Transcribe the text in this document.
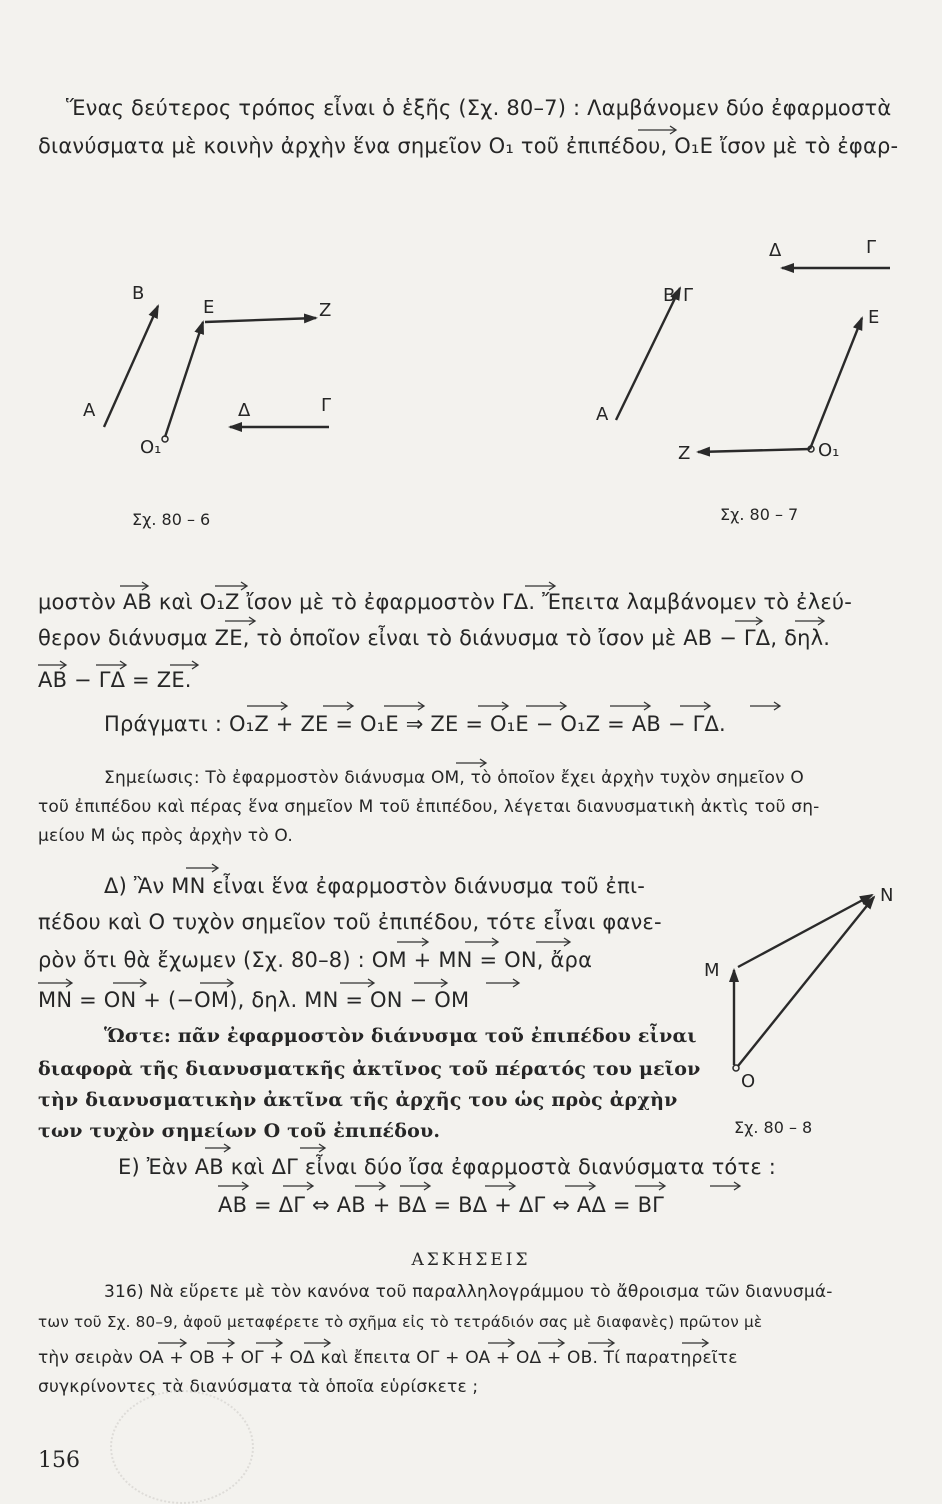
B
A
E	Z
Δ	Γ
O₁
Σχ. 80 – 6
Δ	Γ
B Γ
E
A
Z	O₁
Σχ. 80 – 7
N
M
O
Σχ. 80 – 8
Ἕνας δεύτερος τρόπος εἶναι ὁ ἑξῆς (Σχ. 80–7) : Λαμβάνομεν δύο ἐφαρμοστὰ
διανύσματα μὲ κοινὴν ἀρχὴν ἕνα σημεῖον O₁ τοῦ ἐπιπέδου, O₁E ἴσον μὲ τὸ ἐφαρ-
μοστὸν AB καὶ O₁Z ἴσον μὲ τὸ ἐφαρμοστὸν ΓΔ. Ἔπειτα λαμβάνομεν τὸ ἐλεύ-
θερον διάνυσμα ZE, τὸ ὁποῖον εἶναι τὸ διάνυσμα τὸ ἴσον μὲ AB − ΓΔ, δηλ.
AB − ΓΔ = ZE.
Πράγματι : O₁Z + ZE = O₁E ⇒ ZE = O₁E − O₁Z = AB − ΓΔ.
Σημείωσις: Τὸ ἐφαρμοστὸν διάνυσμα OM, τὸ ὁποῖον ἔχει ἀρχὴν τυχὸν σημεῖον O
τοῦ ἐπιπέδου καὶ πέρας ἕνα σημεῖον M τοῦ ἐπιπέδου, λέγεται διανυσματικὴ ἀκτὶς τοῦ ση-
μείου M ὡς πρὸς ἀρχὴν τὸ O.
Δ) Ἂν MN εἶναι ἕνα ἐφαρμοστὸν διάνυσμα τοῦ ἐπι-
πέδου καὶ O τυχὸν σημεῖον τοῦ ἐπιπέδου, τότε εἶναι φανε-
ρὸν ὅτι θὰ ἔχωμεν (Σχ. 80–8) : OM + MN = ON, ἄρα
MN = ON + (−OM), δηλ. MN = ON − OM
Ὥστε: πᾶν ἐφαρμοστὸν διάνυσμα τοῦ ἐπιπέδου εἶναι
διαφορὰ τῆς διανυσματκῆς ἀκτῖνος τοῦ πέρατός του μεῖον
τὴν διανυσματικὴν ἀκτῖνα τῆς ἀρχῆς του ὡς πρὸς ἀρχὴν
των τυχὸν σημείων O τοῦ ἐπιπέδου.
E) Ἐὰν AB καὶ ΔΓ εἶναι δύο ἴσα ἐφαρμοστὰ διανύσματα τότε :
AB = ΔΓ ⇔ AB + BΔ = BΔ + ΔΓ ⇔ AΔ = BΓ
ΑΣΚΗΣΕΙΣ
316) Νὰ εὕρετε μὲ τὸν κανόνα τοῦ παραλληλογράμμου τὸ ἄθροισμα τῶν διανυσμά-
των τοῦ Σχ. 80–9, ἀφοῦ μεταφέρετε τὸ σχῆμα εἰς τὸ τετράδιόν σας μὲ διαφανὲς) πρῶτον μὲ
τὴν σειρὰν OA + OB + OΓ + OΔ καὶ ἔπειτα OΓ + OA + OΔ + OB. Τί παρατηρεῖτε
συγκρίνοντες τὰ διανύσματα τὰ ὁποῖα εὑρίσκετε ;
156
